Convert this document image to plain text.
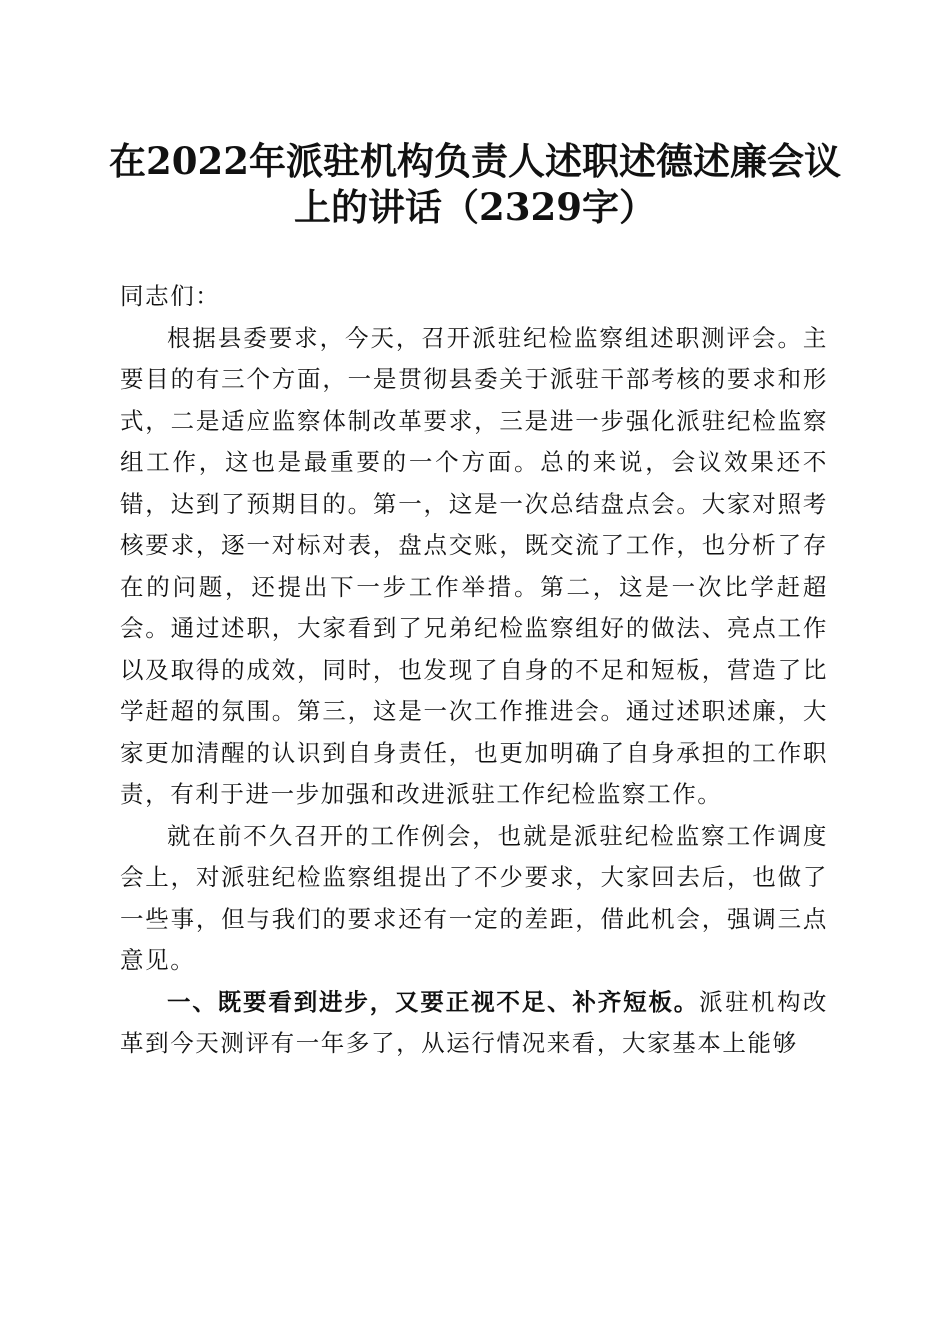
在2022年派驻机构负责人述职述德述廉会议
上的讲话（2329字）

同志们：

根据县委要求，今天，召开派驻纪检监察组述职测评会。主要目的有三个方面，一是贯彻县委关于派驻干部考核的要求和形式，二是适应监察体制改革要求，三是进一步强化派驻纪检监察组工作，这也是最重要的一个方面。总的来说，会议效果还不错，达到了预期目的。第一，这是一次总结盘点会。大家对照考核要求，逐一对标对表，盘点交账，既交流了工作，也分析了存在的问题，还提出下一步工作举措。第二，这是一次比学赶超会。通过述职，大家看到了兄弟纪检监察组好的做法、亮点工作以及取得的成效，同时，也发现了自身的不足和短板，营造了比学赶超的氛围。第三，这是一次工作推进会。通过述职述廉，大家更加清醒的认识到自身责任，也更加明确了自身承担的工作职责，有利于进一步加强和改进派驻工作纪检监察工作。

就在前不久召开的工作例会，也就是派驻纪检监察工作调度会上，对派驻纪检监察组提出了不少要求，大家回去后，也做了一些事，但与我们的要求还有一定的差距，借此机会，强调三点意见。

一、既要看到进步，又要正视不足、补齐短板。派驻机构改革到今天测评有一年多了，从运行情况来看，大家基本上能够
